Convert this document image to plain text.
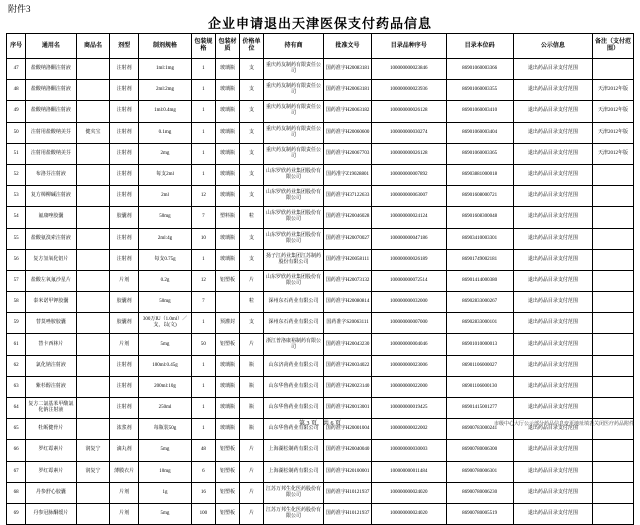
附件3
企业申请退出天津医保支付药品信息
序号	通用名	商品名	剂型	制剂规格	包装规格	包装材质	价格单位	持有商	批准文号	目录品种序号	目录本位码	公示信息	备注（支付范围）
47	盐酸纳洛酮注射液		注射剂	1ml:1mg	1	玻璃瓶	支	重庆药友制药有限责任公司	国药准字H20083181	100000000023846	86901060003366	退出药品目录支付范围	
48	盐酸纳洛酮注射液		注射剂	2ml:2mg	1	玻璃瓶	支	重庆药友制药有限责任公司	国药准字H20063181	100000000023936	86901060003355	退出药品目录支付范围	天津2012年版
49	盐酸纳洛酮注射液		注射剂	1ml:0.4mg	1	玻璃瓶	支	重庆药友制药有限责任公司	国药准字H20063182	100000000026128	86901060003410	退出药品目录支付范围	天津2012年版
50	注射用盐酸纳美芬	健夹宝	注射剂	0.1mg	1	玻璃瓶	支	重庆药友制药有限责任公司	国药准字H20060600	100000000030274	86901060003404	退出药品目录支付范围	天津2012年版
51	注射用盐酸纳美芬		注射剂	2mg	1	玻璃瓶	支	重庆药友制药有限责任公司	国药准字H20067703	100000000026128	86901060003365	退出药品目录支付范围	天津2012年版
52	布洛芬注射液		注射剂	每支2ml	1	玻璃瓶	支	山东罗欣药业集团股份有限公司	国药准字Z19028801	100000000007892	86903881000018	退出药品目录支付范围	
53	复方樟柳碱注射液		注射剂	2ml	12	玻璃瓶	支	山东罗欣药业集团股份有限公司	国药准字H37122633	100000000063007	86901608000721	退出药品目录支付范围	
54	氟康唑胶囊		胶囊剂	50mg	7	塑料瓶	粒	山东罗欣药业集团股份有限公司	国药准字H20046028	100000000024124	86901608300048	退出药品目录支付范围	
55	盐酸氨溴索注射液		注射剂	2ml:4g	10	玻璃瓶	支	山东罗欣药业集团股份有限公司	国药准字H20070027	100000000047186	86903410003301	退出药品目录支付范围	
56	复方氢氧化铝片		注射剂	每支0.75g	1	玻璃瓶	支	扬子江药业集团江苏制药股份有限公司	国药准字H20058111	100000000026189	86901749002181	退出药品目录支付范围	
57	盐酸左氧氟沙星片		片剂	0.2g	12	铝塑板	片	山东罗欣药业集团股份有限公司	国药准字H20073132	100000000072514	86901414000380	退出药品目录支付范围	
58	泰米诺甲钾胶囊		胶囊剂	50mg	7		粒	深州东石药业有限公司	国药准字H20080814	100000000032000	86902833000267	退出药品目录支付范围	
59	替莫唑胺胶囊		胶囊剂	300万IU（1.0ml）／支，以(文)	1	预灌封	支	深州东石药业有限公司	国药准字S20063111	100000000007000	86902833000101	退出药品目录支付范围	
61	替卡西林片		片剂	5mg	50	铝塑板	片	浙江普洛康裕制药有限公司	国药准字H20043230	100000000004046	86901010000013	退出药品目录支付范围	
62	氯化钠注射液		注射剂	100ml:0.45g	1	玻璃瓶	瓶	山东济菏药业有限公司	国药准字H20034022	100000000023006	86901106000027	退出药品目录支付范围	
63	紫杉醇注射液		注射剂	200ml:10g	1	玻璃瓶	瓶	山东华鲁药业有限公司	国药准字H20023140	100000000022000	86901106000130	退出药品目录支付范围	
64	复方二氯基苯甲酸氯化钠注射液		注射剂	250ml	1	玻璃瓶	瓶	山东华鲁药业有限公司	国药准字H20013001	100000000019425	86901415001277	退出药品目录支付范围	
65	牡蛎健骨片		浓浆剂	每瓶装50g	1	玻璃瓶	瓶	山东华鲁药业有限公司	国药准字H20001004	100000000022002	86900783000241	退出药品目录支付范围	
66	罗红霉素片	润复宁	滴丸剂	5mg	48	铝塑板	片	上海湖松制药有限公司	国药准字H20040040	100000000030003	86900780006300	退出药品目录支付范围	
67	罗红霉素片	润复宁	薄膜衣片	10mg	6	铝塑板	片	上海湖松制药有限公司	国药准字H20100001	100000000011484	86900780006301	退出药品目录支付范围	
68	丹参舒心胶囊		片剂	1g	16	铝塑板	片	江苏万邦生化医药股份有限公司	国药准字H10121937	100000000024020	86900780006230	退出药品目录支付范围	
69	丹参冠脉酮缓片		片剂	5mg	100	铝塑板	片	江苏万邦生化医药股份有限公司	国药准字H10121937	100000000024020	86900780005519	退出药品目录支付范围	
第 3 页，共 6 页	市级中心大厅公示部分药品信息变更地址填表关闭医疗药品附件
